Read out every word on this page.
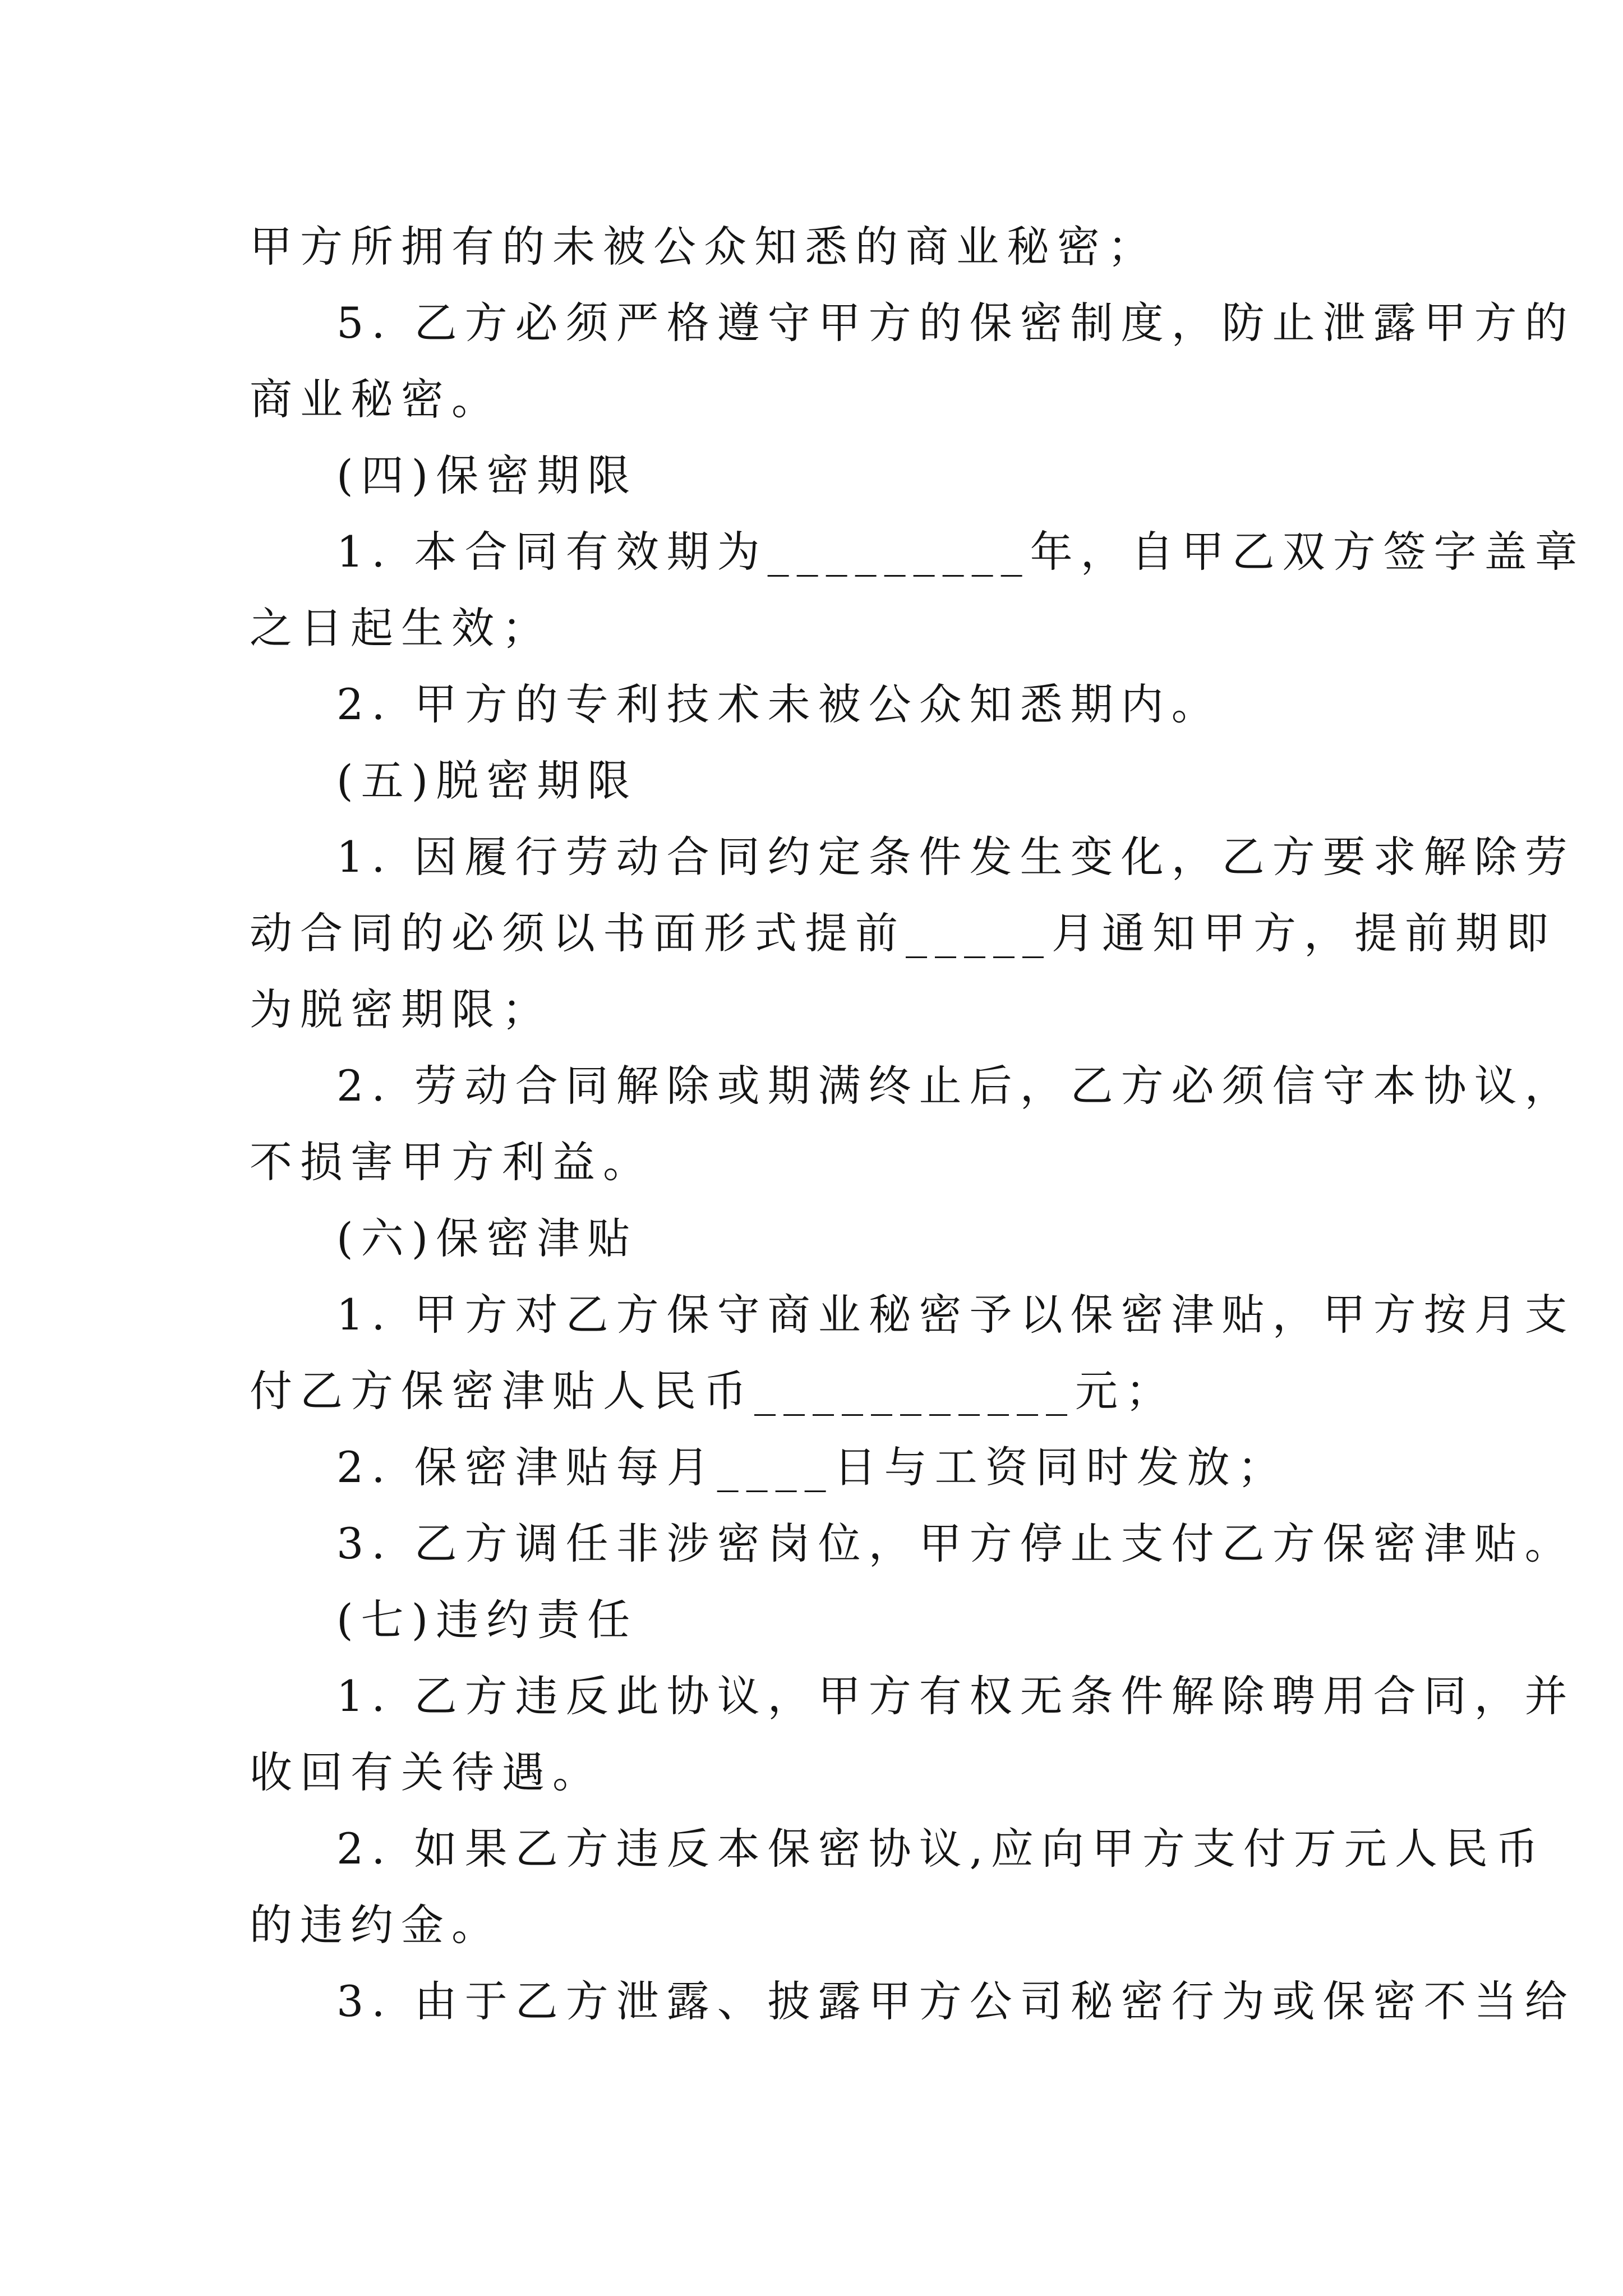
甲方所拥有的未被公众知悉的商业秘密；
5. 乙方必须严格遵守甲方的保密制度，防止泄露甲方的
商业秘密。
(四)保密期限
1. 本合同有效期为_________年，自甲乙双方签字盖章
之日起生效；
2. 甲方的专利技术未被公众知悉期内。
(五)脱密期限
1. 因履行劳动合同约定条件发生变化，乙方要求解除劳
动合同的必须以书面形式提前_____月通知甲方，提前期即
为脱密期限；
2. 劳动合同解除或期满终止后，乙方必须信守本协议，
不损害甲方利益。
(六)保密津贴
1. 甲方对乙方保守商业秘密予以保密津贴，甲方按月支
付乙方保密津贴人民币___________元；
2. 保密津贴每月____日与工资同时发放；
3. 乙方调任非涉密岗位，甲方停止支付乙方保密津贴。
(七)违约责任
1. 乙方违反此协议，甲方有权无条件解除聘用合同，并
收回有关待遇。
2. 如果乙方违反本保密协议,应向甲方支付万元人民币
的违约金。
3. 由于乙方泄露、披露甲方公司秘密行为或保密不当给
